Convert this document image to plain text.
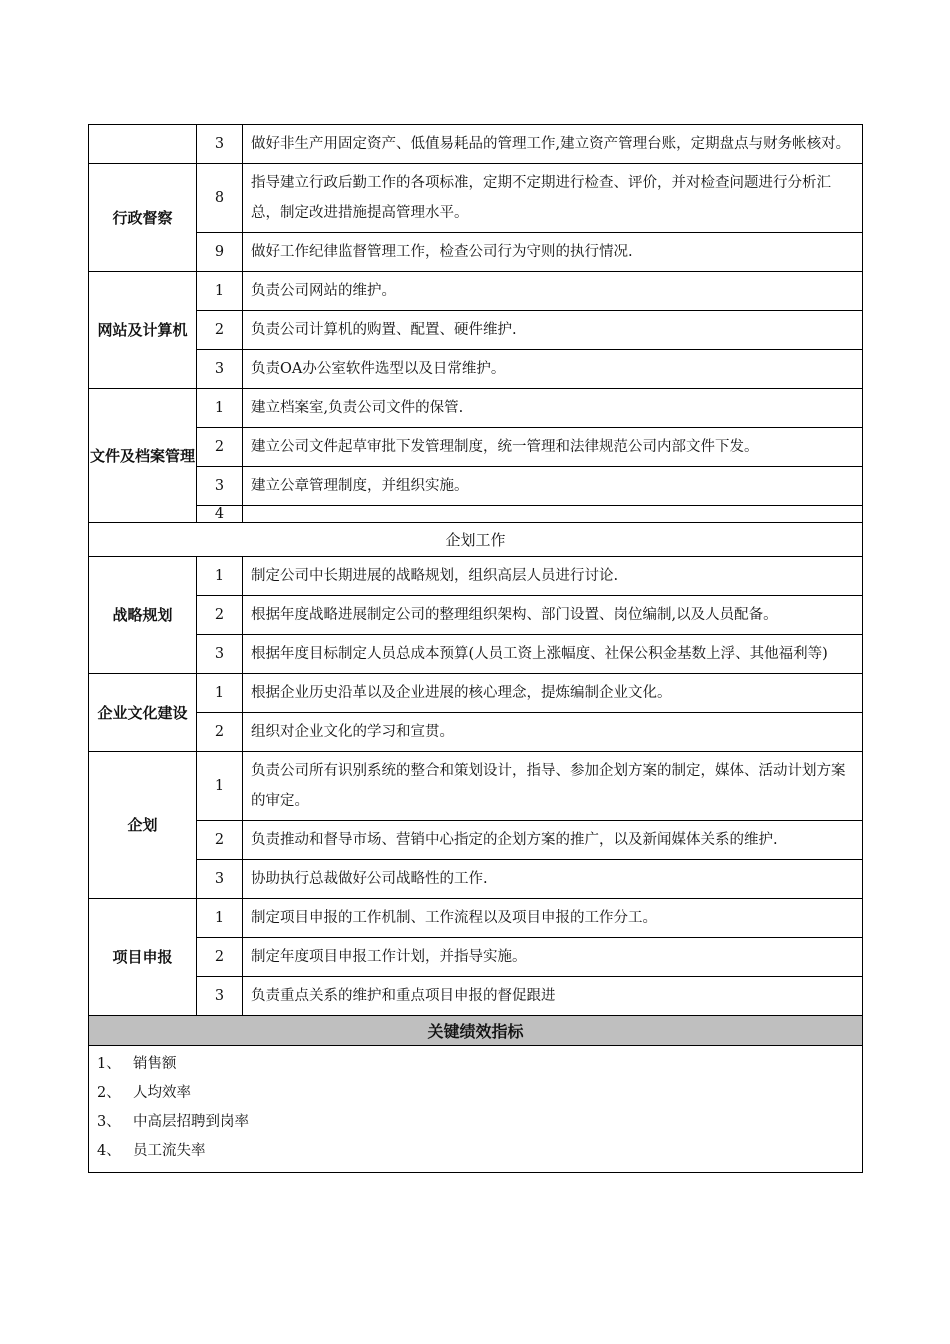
	3	做好非生产用固定资产、低值易耗品的管理工作,建立资产管理台账，定期盘点与财务帐核对。
行政督察	8	指导建立行政后勤工作的各项标准，定期不定期进行检查、评价，并对检查问题进行分析汇总，制定改进措施提高管理水平。
	9	做好工作纪律监督管理工作，检查公司行为守则的执行情况.
网站及计算机	1	负责公司网站的维护。
	2	负责公司计算机的购置、配置、硬件维护.
	3	负责OA办公室软件选型以及日常维护。
文件及档案管理	1	建立档案室,负责公司文件的保管.
	2	建立公司文件起草审批下发管理制度，统一管理和法律规范公司内部文件下发。
	3	建立公章管理制度，并组织实施。
	4	
企划工作		
战略规划	1	制定公司中长期进展的战略规划，组织高层人员进行讨论.
	2	根据年度战略进展制定公司的整理组织架构、部门设置、岗位编制,以及人员配备。
	3	根据年度目标制定人员总成本预算(人员工资上涨幅度、社保公积金基数上浮、其他福利等)
企业文化建设	1	根据企业历史沿革以及企业进展的核心理念，提炼编制企业文化。
	2	组织对企业文化的学习和宣贯。
企划	1	负责公司所有识别系统的整合和策划设计，指导、参加企划方案的制定，媒体、活动计划方案的审定。
	2	负责推动和督导市场、营销中心指定的企划方案的推广，以及新闻媒体关系的维护.
	3	协助执行总裁做好公司战略性的工作.
项目申报	1	制定项目申报的工作机制、工作流程以及项目申报的工作分工。
	2	制定年度项目申报工作计划，并指导实施。
	3	负责重点关系的维护和重点项目申报的督促跟进
关键绩效指标		

1、 销售额
2、 人均效率
3、 中高层招聘到岗率
4、 员工流失率		
